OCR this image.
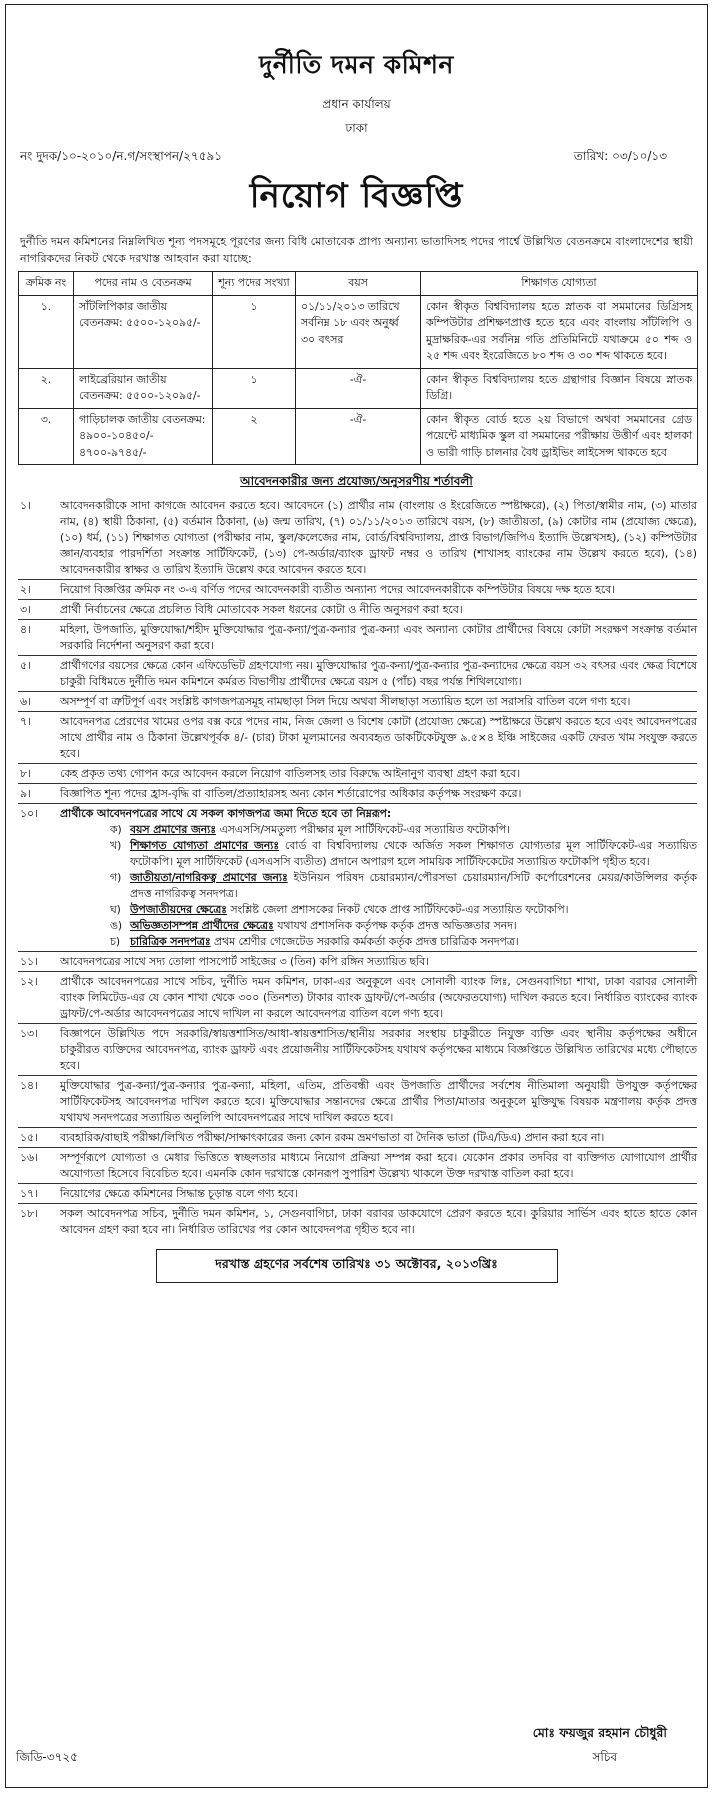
দুর্নীতি দমন কমিশন
প্রধান কার্যালয়
ঢাকা
নং দুদক/১০-২০১০/ন.গ/সংস্থাপন/২৭৫৯১	তারিখ: ০৩/১০/১৩
নিয়োগ বিজ্ঞপ্তি
দুর্নীতি দমন কমিশনের নিম্নলিখিত শূন্য পদসমূহে পূরণের জন্য বিধি মোতাবেক প্রাপ্য অন্যান্য ভাতাদিসহ পদের পার্শ্বে উল্লিখিত বেতনক্রমে বাংলাদেশের স্থায়ী নাগরিকদের নিকট থেকে দরখাস্ত আহবান করা যাচ্ছে:
ক্রমিক নং	পদের নাম ও বেতনক্রম	শূন্য পদের সংখ্যা	বয়স	শিক্ষাগত যোগ্যতা
১.	সাঁটলিপিকার জাতীয় বেতনক্রম: ৫৫০০-১২০৯৫/-	১	০১/১১/২০১৩ তারিখে সর্বনিম্ন ১৮ এবং অনুর্ধ্ব ৩০ বৎসর	কোন স্বীকৃত বিশ্ববিদ্যালয় হতে স্নাতক বা সমমানের ডিগ্রিসহ কম্পিউটার প্রশিক্ষণপ্রাপ্ত হতে হবে এবং বাংলায় সাঁটলিপি ও মুদ্রাক্ষরিক-এর সর্বনিম্ন গতি প্রতিমিনিটে যথাক্রমে ৫০ শব্দ ও ২৫ শব্দ এবং ইংরেজিতে ৮০ শব্দ ও ৩০ শব্দ থাকতে হবে।
২.	লাইব্রেরিয়ান জাতীয় বেতনক্রম: ৫৫০০-১২০৯৫/-	১	-ঐ-	কোন স্বীকৃত বিশ্ববিদ্যালয় হতে গ্রন্থাগার বিজ্ঞান বিষয়ে স্নাতক ডিগ্রি।
৩.	গাড়িচালক জাতীয় বেতনক্রম: ৪৯০০-১০৪৫০/- ৪৭০০-৯৭৪৫/-	২	-ঐ-	কোন স্বীকৃত বোর্ড হতে ২য় বিভাগে অথবা সমমানের গ্রেড পয়েন্টে মাধ্যমিক স্কুল বা সমমানের পরীক্ষায় উত্তীর্ণ এবং হালকা ও ভারী গাড়ি চালনার বৈধ ড্রাইভিং লাইসেন্স থাকতে হবে
আবেদনকারীর জন্য প্রযোজ্য/অনুসরণীয় শর্তাবলী
১।	আবেদনকারীকে সাদা কাগজে আবেদন করতে হবে। আবেদনে (১) প্রার্থীর নাম (বাংলায় ও ইংরেজিতে স্পষ্টাক্ষরে), (২) পিতা/স্বামীর নাম, (৩) মাতার নাম, (৪) স্থায়ী ঠিকানা, (৫) বর্তমান ঠিকানা, (৬) জন্ম তারিখ, (৭) ০১/১১/২০১৩ তারিখে বয়স, (৮) জাতীয়তা, (৯) কোটার নাম (প্রযোজ্য ক্ষেত্রে), (১০) ধর্ম, (১১) শিক্ষাগত যোগ্যতা (পরীক্ষার নাম, স্কুল/কলেজের নাম, বোর্ড/বিশ্ববিদ্যালয়, প্রাপ্ত বিভাগ/জিপিএ ইত্যাদি উল্লেখসহ), (১২) কম্পিউটার জ্ঞান/ব্যবহার পারদর্শিতা সংক্রান্ত সার্টিফিকেট, (১৩) পে-অর্ডার/ব্যাংক ড্রাফট নম্বর ও তারিখ (শাখাসহ ব্যাংকের নাম উল্লেখ করতে হবে), (১৪) আবেদনকারীর স্বাক্ষর ও তারিখ ইত্যাদি উল্লেখ করে আবেদন করতে হবে।
২।	নিয়োগ বিজ্ঞপ্তির ক্রমিক নং ৩-এ বর্ণিত পদের আবেদনকারী ব্যতীত অন্যান্য পদের আবেদনকারীকে কম্পিউটার বিষয়ে দক্ষ হতে হবে।
৩।	প্রার্থী নির্বাচনের ক্ষেত্রে প্রচলিত বিধি মোতাবেক সকল ধরনের কোটা ও নীতি অনুসরণ করা হবে।
৪।	মহিলা, উপজাতি, মুক্তিযোদ্ধা/শহীদ মুক্তিযোদ্ধার পুত্র-কন্যা/পুত্র-কন্যার পুত্র-কন্যা এবং অন্যান্য কোটার প্রার্থীদের বিষয়ে কোটা সংরক্ষণ সংক্রান্ত বর্তমান সরকারি নির্দেশনা অনুসরণ করা হবে।
৫।	প্রার্থীগণের বয়সের ক্ষেত্রে কোন এফিডেভিট গ্রহণযোগ্য নয়। মুক্তিযোদ্ধার পুত্র-কন্যা/পুত্র-কন্যার পুত্র-কন্যাদের ক্ষেত্রে বয়স ৩২ বৎসর এবং ক্ষেত্র বিশেষে চাকুরী বিধিমতে দুর্নীতি দমন কমিশনে কর্মরত বিভাগীয় প্রার্থীদের ক্ষেত্রে বয়স ৫ (পাঁচ) বছর পর্যন্ত শিথিলযোগ্য।
৬।	অসম্পূর্ণ বা ত্রুটিপূর্ণ এবং সংশ্লিষ্ট কাগজপত্রসমূহ নামছাড়া সিল দিয়ে অথবা সীলছাড়া সত্যায়িত হলে তা সরাসরি বাতিল বলে গণ্য হবে।
৭।	আবেদনপত্র প্রেরণের খামের ওপর বক্স করে পদের নাম, নিজ জেলা ও বিশেষ কোটা (প্রযোজ্য ক্ষেত্রে) স্পষ্টাক্ষরে উল্লেখ করতে হবে এবং আবেদনপত্রের সাথে প্রার্থীর নাম ও ঠিকানা উল্লেখপূর্বক ৪/- (চার) টাকা মূল্যমানের অব্যবহৃত ডাকটিকেটযুক্ত ৯.৫×৪ ইঞ্চি সাইজের একটি ফেরত খাম সংযুক্ত করতে হবে।
৮।	কেহ প্রকৃত তথ্য গোপন করে আবেদন করলে নিয়োগ বাতিলসহ তার বিরুদ্ধে আইনানুগ ব্যবস্থা গ্রহণ করা হবে।
৯।	বিজ্ঞাপিত শূন্য পদের হ্রাস-বৃদ্ধি বা বাতিল/প্রত্যাহারসহ অন্য কোন শর্তারোপের অধিকার কর্তৃপক্ষ সংরক্ষণ করে।
১০।	প্রার্থীকে আবেদনপত্রের সাথে যে সকল কাগজপত্র জমা দিতে হবে তা নিম্নরূপ:
ক) বয়স প্রমাণের জন্যঃ এসএসসি/সমতুল্য পরীক্ষার মূল সার্টিফিকেট-এর সত্যায়িত ফটোকপি।
খ) শিক্ষাগত যোগ্যতা প্রমাণের জন্যঃ বোর্ড বা বিশ্ববিদ্যালয় থেকে অর্জিত সকল শিক্ষাগত যোগ্যতার মূল সার্টিফিকেট-এর সত্যায়িত ফটোকপি। মূল সার্টিফিকেট (এসএসসি ব্যতীত) প্রদানে অপারগ হলে সাময়িক সার্টিফিকেটের সত্যায়িত ফটোকপি গৃহীত হবে।
গ) জাতীয়তা/নাগরিকত্ব প্রমাণের জন্যঃ ইউনিয়ন পরিষদ চেয়ারম্যান/পৌরসভা চেয়ারম্যান/সিটি কর্পোরেশনের মেয়র/কাউন্সিলর কর্তৃক প্রদত্ত নাগরিকত্ব সনদপত্র।
ঘ) উপজাতীয়দের ক্ষেত্রেঃ সংশ্লিষ্ট জেলা প্রশাসকের নিকট থেকে প্রাপ্ত সার্টিফিকেট-এর সত্যায়িত ফটোকপি।
ঙ) অভিজ্ঞতাসম্পন্ন প্রার্থীদের ক্ষেত্রেঃ যথাযথ প্রশাসনিক কর্তৃপক্ষ কর্তৃক প্রদত্ত অভিজ্ঞতার সনদ।
চ) চারিত্রিক সনদপত্রঃ প্রথম শ্রেণীর গেজেটেড সরকারি কর্মকর্তা কর্তৃক প্রদত্ত চারিত্রিক সনদপত্র।
১১।	আবেদনপত্রের সাথে সদ্য তোলা পাসপোর্ট সাইজের ৩ (তিন) কপি রঙ্গিন সত্যায়িত ছবি।
১২।	প্রার্থীকে আবেদনপত্রের সাথে সচিব, দুর্নীতি দমন কমিশন, ঢাকা-এর অনুকূলে এবং সোনালী ব্যাংক লিঃ, সেগুনবাগিচা শাখা, ঢাকা বরাবর সোনালী ব্যাংক লিমিটেড-এর যে কোন শাখা থেকে ৩০০ (তিনশত) টাকার ব্যাংক ড্রাফট/পে-অর্ডার (অফেরতযোগ্য) দাখিল করতে হবে। নির্ধারিত ব্যাংকের ব্যাংক ড্রাফট/পে-অর্ডার আবেদনপত্রের সাথে দাখিল না করলে আবেদনপত্র বাতিল বলে গণ্য হবে।
১৩।	বিজ্ঞাপনে উল্লিখিত পদে সরকারি/স্বায়ত্তশাসিত/আধা-স্বায়ত্তশাসিত/স্থানীয় সরকার সংস্থায় চাকুরীতে নিযুক্ত ব্যক্তি এবং স্থানীয় কর্তৃপক্ষের অধীনে চাকুরীরত ব্যক্তিদের আবেদনপত্র, ব্যাংক ড্রাফট এবং প্রয়োজনীয় সার্টিফিকেটসহ যথাযথ কর্তৃপক্ষের মাধ্যমে বিজ্ঞপ্তিতে উল্লিখিত তারিখের মধ্যে পৌছাতে হবে।
১৪।	মুক্তিযোদ্ধার পুত্র-কন্যা/পুত্র-কন্যার পুত্র-কন্যা, মহিলা, এতিম, প্রতিবন্ধী এবং উপজাতি প্রার্থীদের সর্বশেষ নীতিমালা অনুযায়ী উপযুক্ত কর্তৃপক্ষের সার্টিফিকেটসহ আবেদনপত্র দাখিল করতে হবে। মুক্তিযোদ্ধার সন্তানদের ক্ষেত্রে প্রার্থীর পিতা/মাতার অনুকূলে মুক্তিযুদ্ধ বিষয়ক মন্ত্রণালয় কর্তৃক প্রদত্ত যথাযথ সনদপত্রের সত্যায়িত অনুলিপি আবেদনপত্রের সাথে দাখিল করতে হবে।
১৫।	ব্যবহারিক/বাছাই পরীক্ষা/লিখিত পরীক্ষা/সাক্ষাৎকারের জন্য কোন রকম ভ্রমণভাতা বা দৈনিক ভাতা (টিএ/ডিএ) প্রদান করা হবে না।
১৬।	সম্পূর্ণরূপে যোগ্যতা ও মেধার ভিত্তিতে স্বচ্ছলতার মাধ্যমে নিয়োগ প্রক্রিয়া সম্পন্ন করা হবে। যেকোন প্রকার তদবির বা ব্যক্তিগত যোগাযোগ প্রার্থীর অযোগ্যতা হিসেবে বিবেচিত হবে। এমনকি কোন দরখাস্তে কোনরূপ সুপারিশ উল্লেখ্য থাকলে উক্ত দরখাস্ত বাতিল করা হবে।
১৭।	নিয়োগের ক্ষেত্রে কমিশনের সিদ্ধান্ত চূড়ান্ত বলে গণ্য হবে।
১৮।	সকল আবেদনপত্র সচিব, দুর্নীতি দমন কমিশন, ১, সেগুনবাগিচা, ঢাকা বরাবর ডাকযোগে প্রেরণ করতে হবে। কুরিয়ার সার্ভিস এবং হাতে হাতে কোন আবেদন গ্রহণ করা হবে না। নির্ধারিত তারিখের পর কোন আবেদনপত্র গৃহীত হবে না।
দরখাস্ত গ্রহণের সর্বশেষ তারিখঃ ৩১ অক্টোবর, ২০১৩খ্রিঃ
জিডি-৩৭২৫
মোঃ ফয়জুর রহমান চৌধুরী
সচিব
